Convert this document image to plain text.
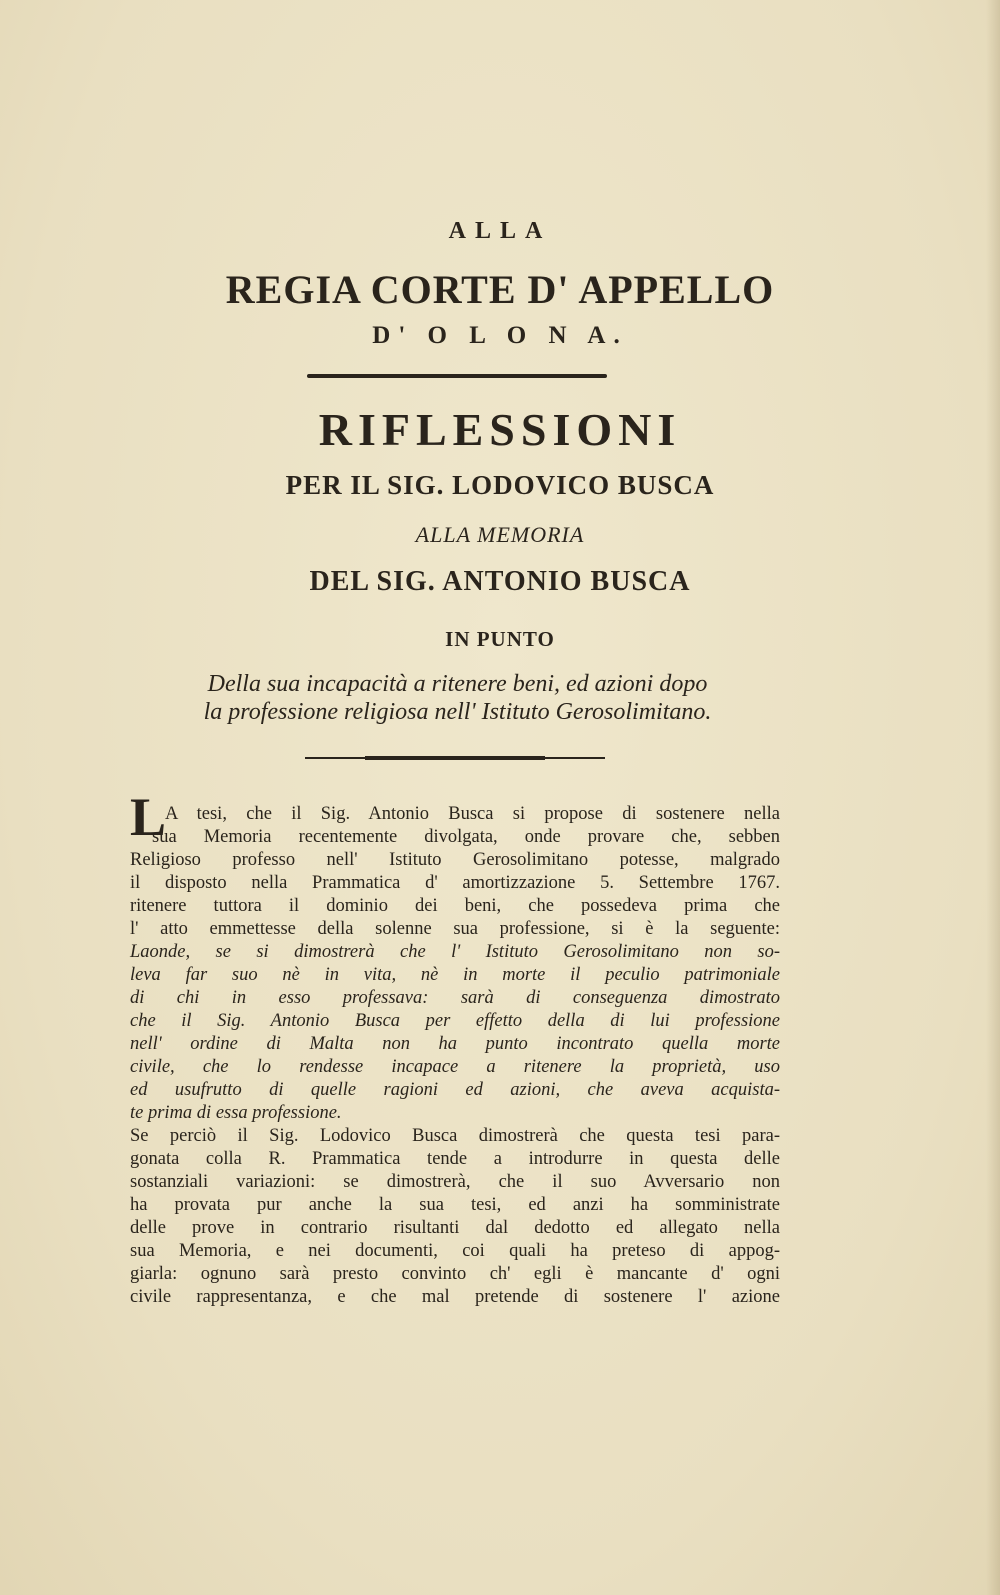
ALLA
REGIA CORTE D' APPELLO
D' O L O N A.
RIFLESSIONI
PER IL SIG. LODOVICO BUSCA
ALLA MEMORIA
DEL SIG. ANTONIO BUSCA
IN PUNTO
Della sua incapacità a ritenere beni, ed azioni dopo
la professione religiosa nell' Istituto Gerosolimitano.
L
A tesi, che il Sig. Antonio Busca si propose di sostenere nella
sua Memoria recentemente divolgata, onde provare che, sebben
Religioso professo nell' Istituto Gerosolimitano potesse, malgrado
il disposto nella Prammatica d' amortizzazione 5. Settembre 1767.
ritenere tuttora il dominio dei beni, che possedeva prima che
l' atto emmettesse della solenne sua professione, si è la seguente:
Laonde, se si dimostrerà che l' Istituto Gerosolimitano non so-
leva far suo nè in vita, nè in morte il peculio patrimoniale
di chi in esso professava: sarà di conseguenza dimostrato
che il Sig. Antonio Busca per effetto della di lui professione
nell' ordine di Malta non ha punto incontrato quella morte
civile, che lo rendesse incapace a ritenere la proprietà, uso
ed usufrutto di quelle ragioni ed azioni, che aveva acquista-
te prima di essa professione.
Se perciò il Sig. Lodovico Busca dimostrerà che questa tesi para-
gonata colla R. Prammatica tende a introdurre in questa delle
sostanziali variazioni: se dimostrerà, che il suo Avversario non
ha provata pur anche la sua tesi, ed anzi ha somministrate
delle prove in contrario risultanti dal dedotto ed allegato nella
sua Memoria, e nei documenti, coi quali ha preteso di appog-
giarla: ognuno sarà presto convinto ch' egli è mancante d' ogni
civile rappresentanza, e che mal pretende di sostenere l' azione
